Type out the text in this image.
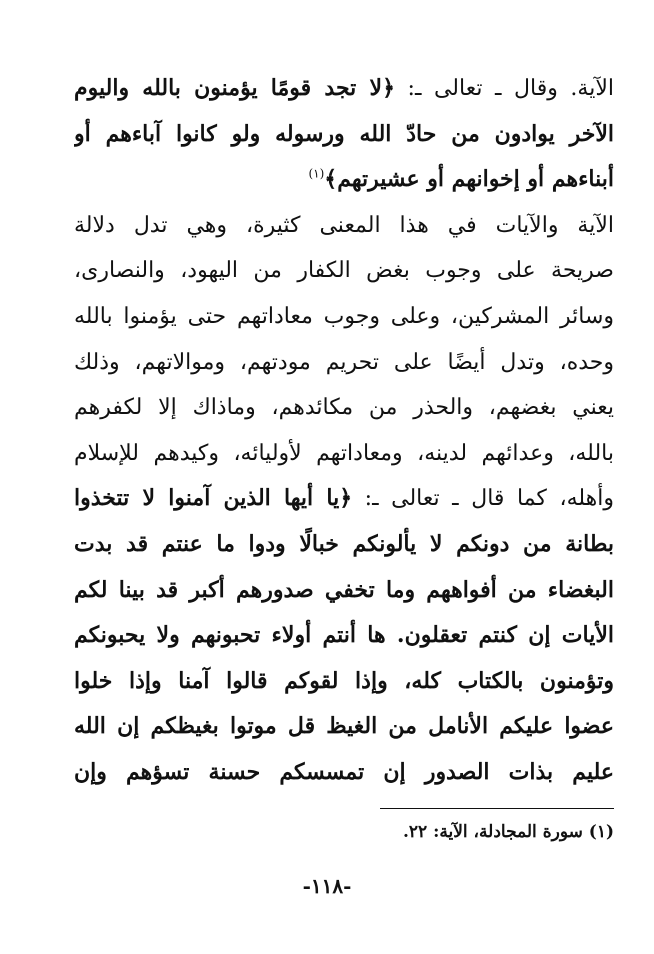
الآية. وقال ـ تعالى ـ: ﴿لا تجد قومًا يؤمنون بالله واليوم
الآخر يوادون من حادّ الله ورسوله ولو كانوا آباءهم أو
أبناءهم أو إخوانهم أو عشيرتهم﴾$^{(١)}$
الآية والآيات في هذا المعنى كثيرة، وهي تدل دلالة
صريحة على وجوب بغض الكفار من اليهود، والنصارى،
وسائر المشركين، وعلى وجوب معاداتهم حتى يؤمنوا بالله
وحده، وتدل أيضًا على تحريم مودتهم، وموالاتهم، وذلك
يعني بغضهم، والحذر من مكائدهم، وماذاك إلا لكفرهم
بالله، وعدائهم لدينه، ومعاداتهم لأوليائه، وكيدهم للإسلام
وأهله، كما قال ـ تعالى ـ: ﴿يا أيها الذين آمنوا لا تتخذوا
بطانة من دونكم لا يألونكم خبالًا ودوا ما عنتم قد بدت
البغضاء من أفواههم وما تخفي صدورهم أكبر قد بينا لكم
الأيات إن كنتم تعقلون. ها أنتم أولاء تحبونهم ولا يحبونكم
وتؤمنون بالكتاب كله، وإذا لقوكم قالوا آمنا وإذا خلوا
عضوا عليكم الأنامل من الغيظ قل موتوا بغيظكم إن الله
عليم بذات الصدور إن تمسسكم حسنة تسؤهم وإن
(١) سورة المجادلة، الآية: ٢٢.
-١١٨-
